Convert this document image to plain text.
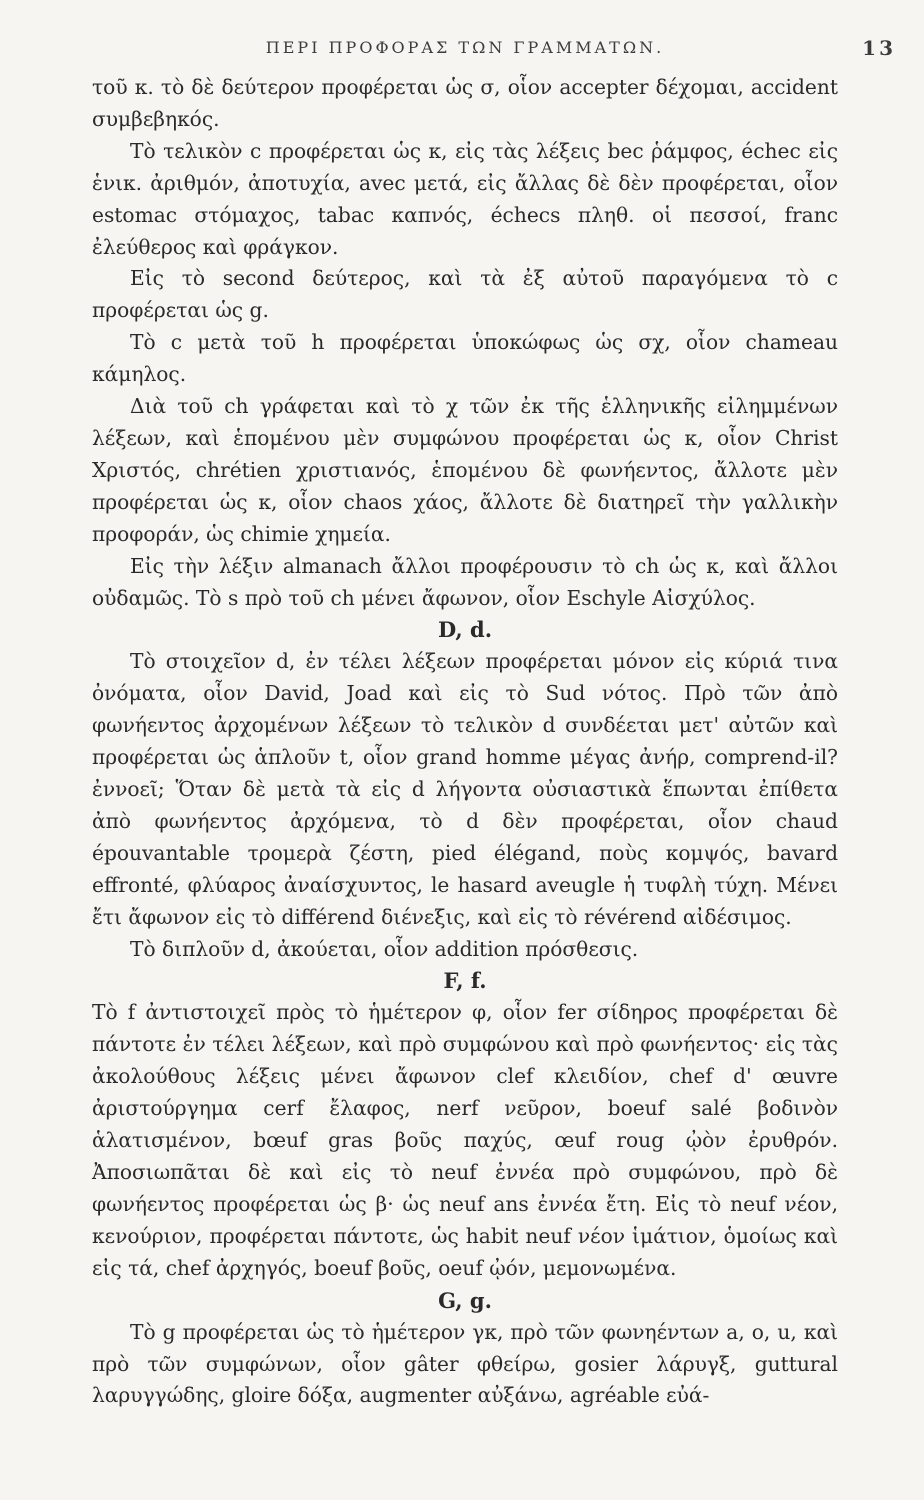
ΠΕΡΙ ΠΡΟΦΟΡΑΣ ΤΩΝ ΓΡΑΜΜΑΤΩΝ.	13

τοῦ κ. τὸ δὲ δεύτερον προφέρεται ὡς σ, οἷον accepter δέχομαι, accident συμβεβηκός.

Τὸ τελικὸν c προφέρεται ὡς κ, εἰς τὰς λέξεις bec ῥάμφος, échec εἰς ἑνικ. ἀριθμόν, ἀποτυχία, avec μετά, εἰς ἄλλας δὲ δὲν προφέρεται, οἷον estomac στόμαχος, tabac καπνός, échecs πληθ. οἱ πεσσοί, franc ἐλεύθερος καὶ φράγκον.

Εἰς τὸ second δεύτερος, καὶ τὰ ἐξ αὐτοῦ παραγόμενα τὸ c προφέρεται ὡς g.

Τὸ c μετὰ τοῦ h προφέρεται ὑποκώφως ὡς σχ, οἷον chameau κάμηλος.

Διὰ τοῦ ch γράφεται καὶ τὸ χ τῶν ἐκ τῆς ἑλληνικῆς εἰλημμένων λέξεων, καὶ ἑπομένου μὲν συμφώνου προφέρεται ὡς κ, οἷον Christ Χριστός, chrétien χριστιανός, ἑπομένου δὲ φωνήεντος, ἄλλοτε μὲν προφέρεται ὡς κ, οἷον chaos χάος, ἄλλοτε δὲ διατηρεῖ τὴν γαλλικὴν προφοράν, ὡς chimie χημεία.

Εἰς τὴν λέξιν almanach ἄλλοι προφέρουσιν τὸ ch ὡς κ, καὶ ἄλλοι οὐδαμῶς. Τὸ s πρὸ τοῦ ch μένει ἄφωνον, οἷον Eschyle Αἰσχύλος.

D, d.

Τὸ στοιχεῖον d, ἐν τέλει λέξεων προφέρεται μόνον εἰς κύριά τινα ὀνόματα, οἷον David, Joad καὶ εἰς τὸ Sud νότος. Πρὸ τῶν ἀπὸ φωνήεντος ἀρχομένων λέξεων τὸ τελικὸν d συνδέεται μετ' αὐτῶν καὶ προφέρεται ὡς ἁπλοῦν t, οἷον grand homme μέγας ἀνήρ, comprend-il? ἐννοεῖ; Ὅταν δὲ μετὰ τὰ εἰς d λήγοντα οὐσιαστικὰ ἕπωνται ἐπίθετα ἀπὸ φωνήεντος ἀρχόμενα, τὸ d δὲν προφέρεται, οἷον chaud épouvantable τρομερὰ ζέστη, pied élégand, ποὺς κομψός, bavard effronté, φλύαρος ἀναίσχυντος, le hasard aveugle ἡ τυφλὴ τύχη. Μένει ἔτι ἄφωνον εἰς τὸ différend διένεξις, καὶ εἰς τὸ révérend αἰδέσιμος.

Τὸ διπλοῦν d, ἀκούεται, οἷον addition πρόσθεσις.

F, f.

Τὸ f ἀντιστοιχεῖ πρὸς τὸ ἡμέτερον φ, οἷον fer σίδηρος προφέρεται δὲ πάντοτε ἐν τέλει λέξεων, καὶ πρὸ συμφώνου καὶ πρὸ φωνήεντος· εἰς τὰς ἀκολούθους λέξεις μένει ἄφωνον clef κλειδίον, chef d' œuvre ἀριστούργημα cerf ἔλαφος, nerf νεῦρον, boeuf salé βοδινὸν ἁλατισμένον, bœuf gras βοῦς παχύς, œuf roug ᾠὸν ἐρυθρόν. Ἀποσιωπᾶται δὲ καὶ εἰς τὸ neuf ἐννέα πρὸ συμφώνου, πρὸ δὲ φωνήεντος προφέρεται ὡς β· ὡς neuf ans ἐννέα ἔτη. Εἰς τὸ neuf νέον, κενούριον, προφέρεται πάντοτε, ὡς habit neuf νέον ἱμάτιον, ὁμοίως καὶ εἰς τά, chef ἀρχηγός, boeuf βοῦς, oeuf ᾠόν, μεμονωμένα.

G, g.

Τὸ g προφέρεται ὡς τὸ ἡμέτερον γκ, πρὸ τῶν φωνηέντων a, o, u, καὶ πρὸ τῶν συμφώνων, οἷον gâter φθείρω, gosier λάρυγξ, guttural λαρυγγώδης, gloire δόξα, augmenter αὐξάνω, agréable εὐά-
